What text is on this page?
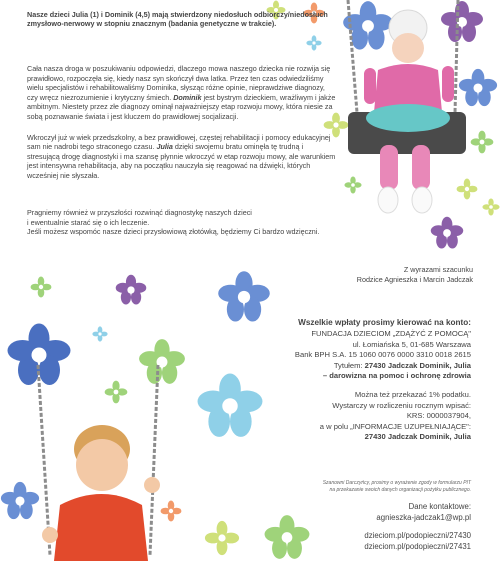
Nasze dzieci Julia (1) i Dominik (4,5) mają stwierdzony niedosłuch odbiorczy/niedosłuch zmysłowo-nerwowy w stopniu znacznym (badania genetyczne w trakcie).

Cała nasza droga w poszukiwaniu odpowiedzi, dlaczego mowa naszego dziecka nie rozwija się prawidłowo, rozpoczęła się, kiedy nasz syn skończył dwa latka. Przez ten czas odwiedziliśmy wielu specjalistów i rehabilitowaliśmy Dominika, słysząc różne opinie, nieprawdziwe diagnozy, czy wręcz niezrozumienie i krytyczny śmiech. Dominik jest bystrym dzieckiem, wrażliwym i jakże ambitnym. Niestety przez złe diagnozy ominął najważniejszy etap rozwoju mowy, która niesie za sobą poznawanie świata i jest kluczem do prawidłowej socjalizacji.

Wkroczył już w wiek przedszkolny, a bez prawidłowej, częstej rehabilitacji i pomocy edukacyjnej sam nie nadrobi tego straconego czasu. Julia dzięki swojemu bratu ominęła tę trudną i stresującą drogę diagnostyki i ma szansę płynnie wkroczyć w etap rozwoju mowy, ale warunkiem jest intensywna rehabilitacja, aby na początku nauczyła się reagować na dźwięki, których wcześniej nie słyszała.

Pragniemy również w przyszłości rozwinąć diagnostykę naszych dzieci
i ewentualnie starać się o ich leczenie.
Jeśli możesz wspomóc nasze dzieci przysłowiową złotówką, będziemy Ci bardzo wdzięczni.
Z wyrazami szacunku
Rodzice Agnieszka i Marcin Jadczak
Wszelkie wpłaty prosimy kierować na konto:
FUNDACJA DZIECIOM „ZDĄŻYĆ Z POMOCĄ"
ul. Łomiańska 5, 01-685 Warszawa
Bank BPH S.A. 15 1060 0076 0000 3310 0018 2615
Tytułem: 27430 Jadczak Dominik, Julia
– darowizna na pomoc i ochronę zdrowia
Można też przekazać 1% podatku.
Wystarczy w rozliczeniu rocznym wpisać:
KRS: 0000037904,
a w polu „INFORMACJE UZUPEŁNIAJĄCE":
27430 Jadczak Dominik, Julia
Szanowni Darczyńcy, prosimy o wyrażenie zgody w formularzu PIT
na przekazanie swoich danych organizacji pożytku publicznego.
Dane kontaktowe:
agnieszka-jadczak1@wp.pl
dzieciom.pl/podopieczni/27430
dzieciom.pl/podopieczni/27431
